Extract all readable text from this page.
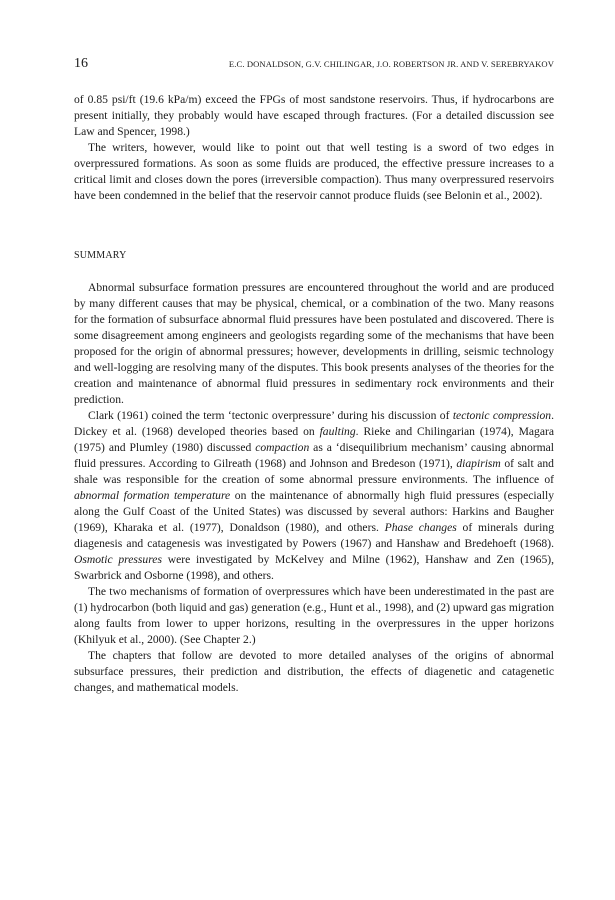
16	E.C. DONALDSON, G.V. CHILINGAR, J.O. ROBERTSON JR. AND V. SEREBRYAKOV

of 0.85 psi/ft (19.6 kPa/m) exceed the FPGs of most sandstone reservoirs. Thus, if hydrocarbons are present initially, they probably would have escaped through fractures. (For a detailed discussion see Law and Spencer, 1998.)

The writers, however, would like to point out that well testing is a sword of two edges in overpressured formations. As soon as some fluids are produced, the effective pressure increases to a critical limit and closes down the pores (irreversible compaction). Thus many overpressured reservoirs have been condemned in the belief that the reservoir cannot produce fluids (see Belonin et al., 2002).

SUMMARY

Abnormal subsurface formation pressures are encountered throughout the world and are produced by many different causes that may be physical, chemical, or a combination of the two. Many reasons for the formation of subsurface abnormal fluid pressures have been postulated and discovered. There is some disagreement among engineers and geologists regarding some of the mechanisms that have been proposed for the origin of abnormal pressures; however, developments in drilling, seismic technology and well-logging are resolving many of the disputes. This book presents analyses of the theories for the creation and maintenance of abnormal fluid pressures in sedimentary rock environments and their prediction.

Clark (1961) coined the term ‘tectonic overpressure’ during his discussion of tectonic compression. Dickey et al. (1968) developed theories based on faulting. Rieke and Chilingarian (1974), Magara (1975) and Plumley (1980) discussed compaction as a ‘disequilibrium mechanism’ causing abnormal fluid pressures. According to Gilreath (1968) and Johnson and Bredeson (1971), diapirism of salt and shale was responsible for the creation of some abnormal pressure environments. The influence of abnormal formation temperature on the maintenance of abnormally high fluid pressures (especially along the Gulf Coast of the United States) was discussed by several authors: Harkins and Baugher (1969), Kharaka et al. (1977), Donaldson (1980), and others. Phase changes of minerals during diagenesis and catagenesis was investigated by Powers (1967) and Hanshaw and Bredehoeft (1968). Osmotic pressures were investigated by McKelvey and Milne (1962), Hanshaw and Zen (1965), Swarbrick and Osborne (1998), and others.

The two mechanisms of formation of overpressures which have been underestimated in the past are (1) hydrocarbon (both liquid and gas) generation (e.g., Hunt et al., 1998), and (2) upward gas migration along faults from lower to upper horizons, resulting in the overpressures in the upper horizons (Khilyuk et al., 2000). (See Chapter 2.)

The chapters that follow are devoted to more detailed analyses of the origins of abnormal subsurface pressures, their prediction and distribution, the effects of diagenetic and catagenetic changes, and mathematical models.
